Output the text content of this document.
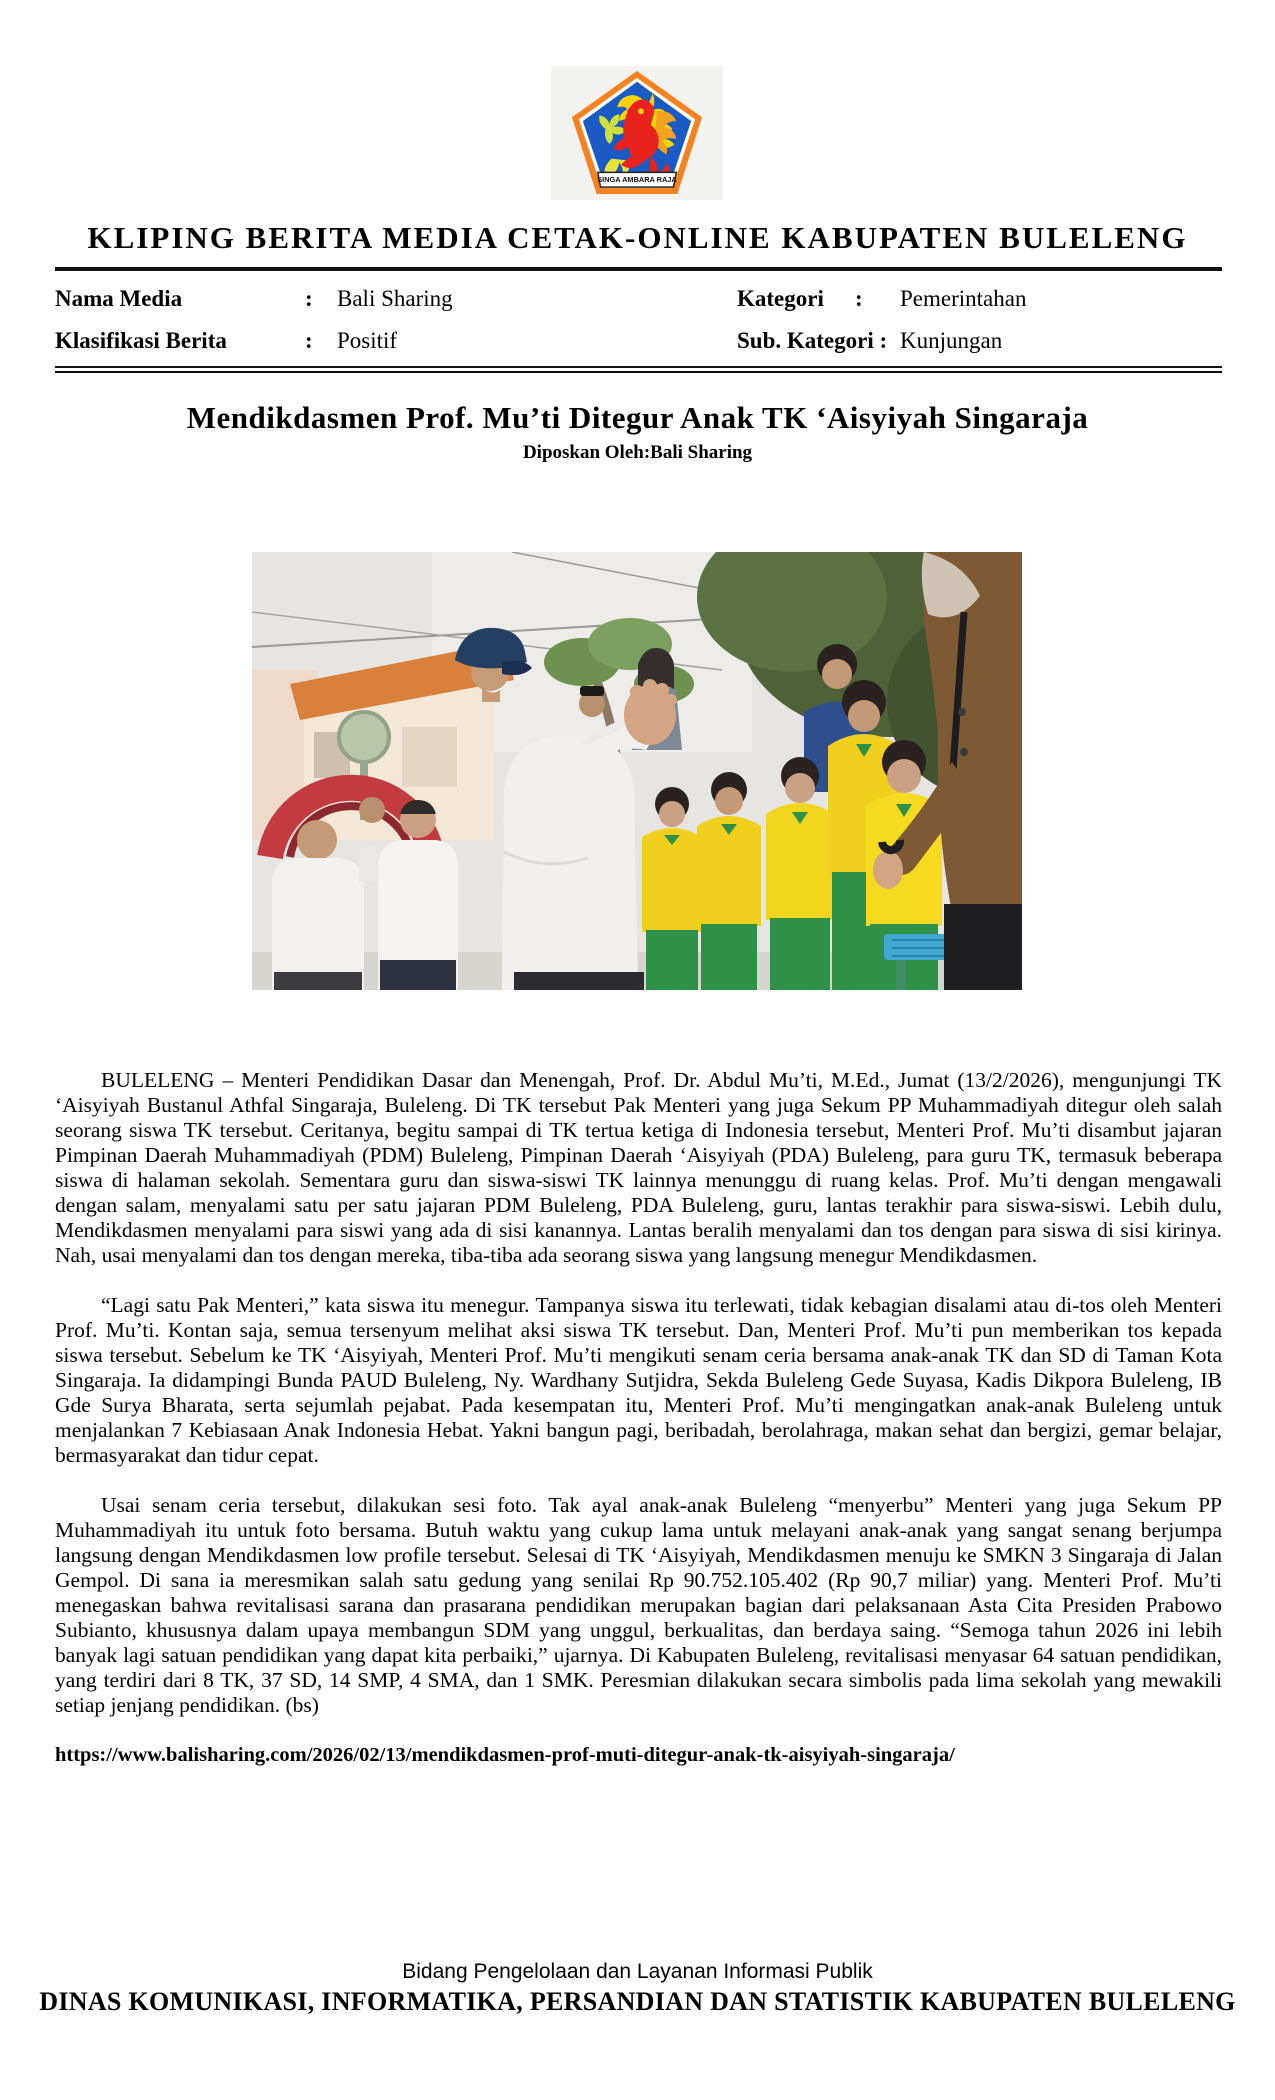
SINGA AMBARA RAJA
KLIPING BERITA MEDIA CETAK-ONLINE KABUPATEN BULELENG
Nama Media	: Bali Sharing	Kategori : Pemerintahan
Klasifikasi Berita	: Positif	Sub. Kategori : Kunjungan
Mendikdasmen Prof. Mu’ti Ditegur Anak TK ‘Aisyiyah Singaraja
Diposkan Oleh:Bali Sharing

BULELENG – Menteri Pendidikan Dasar dan Menengah, Prof. Dr. Abdul Mu’ti, M.Ed., Jumat (13/2/2026), mengunjungi TK ‘Aisyiyah Bustanul Athfal Singaraja, Buleleng. Di TK tersebut Pak Menteri yang juga Sekum PP Muhammadiyah ditegur oleh salah seorang siswa TK tersebut. Ceritanya, begitu sampai di TK tertua ketiga di Indonesia tersebut, Menteri Prof. Mu’ti disambut jajaran Pimpinan Daerah Muhammadiyah (PDM) Buleleng, Pimpinan Daerah ‘Aisyiyah (PDA) Buleleng, para guru TK, termasuk beberapa siswa di halaman sekolah. Sementara guru dan siswa-siswi TK lainnya menunggu di ruang kelas. Prof. Mu’ti dengan mengawali dengan salam, menyalami satu per satu jajaran PDM Buleleng, PDA Buleleng, guru, lantas terakhir para siswa-siswi. Lebih dulu, Mendikdasmen menyalami para siswi yang ada di sisi kanannya. Lantas beralih menyalami dan tos dengan para siswa di sisi kirinya. Nah, usai menyalami dan tos dengan mereka, tiba-tiba ada seorang siswa yang langsung menegur Mendikdasmen.

“Lagi satu Pak Menteri,” kata siswa itu menegur. Tampanya siswa itu terlewati, tidak kebagian disalami atau di-tos oleh Menteri Prof. Mu’ti. Kontan saja, semua tersenyum melihat aksi siswa TK tersebut. Dan, Menteri Prof. Mu’ti pun memberikan tos kepada siswa tersebut. Sebelum ke TK ‘Aisyiyah, Menteri Prof. Mu’ti mengikuti senam ceria bersama anak-anak TK dan SD di Taman Kota Singaraja. Ia didampingi Bunda PAUD Buleleng, Ny. Wardhany Sutjidra, Sekda Buleleng Gede Suyasa, Kadis Dikpora Buleleng, IB Gde Surya Bharata, serta sejumlah pejabat. Pada kesempatan itu, Menteri Prof. Mu’ti mengingatkan anak-anak Buleleng untuk menjalankan 7 Kebiasaan Anak Indonesia Hebat. Yakni bangun pagi, beribadah, berolahraga, makan sehat dan bergizi, gemar belajar, bermasyarakat dan tidur cepat.

Usai senam ceria tersebut, dilakukan sesi foto. Tak ayal anak-anak Buleleng “menyerbu” Menteri yang juga Sekum PP Muhammadiyah itu untuk foto bersama. Butuh waktu yang cukup lama untuk melayani anak-anak yang sangat senang berjumpa langsung dengan Mendikdasmen low profile tersebut. Selesai di TK ‘Aisyiyah, Mendikdasmen menuju ke SMKN 3 Singaraja di Jalan Gempol. Di sana ia meresmikan salah satu gedung yang senilai Rp 90.752.105.402 (Rp 90,7 miliar) yang. Menteri Prof. Mu’ti menegaskan bahwa revitalisasi sarana dan prasarana pendidikan merupakan bagian dari pelaksanaan Asta Cita Presiden Prabowo Subianto, khususnya dalam upaya membangun SDM yang unggul, berkualitas, dan berdaya saing. “Semoga tahun 2026 ini lebih banyak lagi satuan pendidikan yang dapat kita perbaiki,” ujarnya. Di Kabupaten Buleleng, revitalisasi menyasar 64 satuan pendidikan, yang terdiri dari 8 TK, 37 SD, 14 SMP, 4 SMA, dan 1 SMK. Peresmian dilakukan secara simbolis pada lima sekolah yang mewakili setiap jenjang pendidikan. (bs)

https://www.balisharing.com/2026/02/13/mendikdasmen-prof-muti-ditegur-anak-tk-aisyiyah-singaraja/
Bidang Pengelolaan dan Layanan Informasi Publik
DINAS KOMUNIKASI, INFORMATIKA, PERSANDIAN DAN STATISTIK KABUPATEN BULELENG
